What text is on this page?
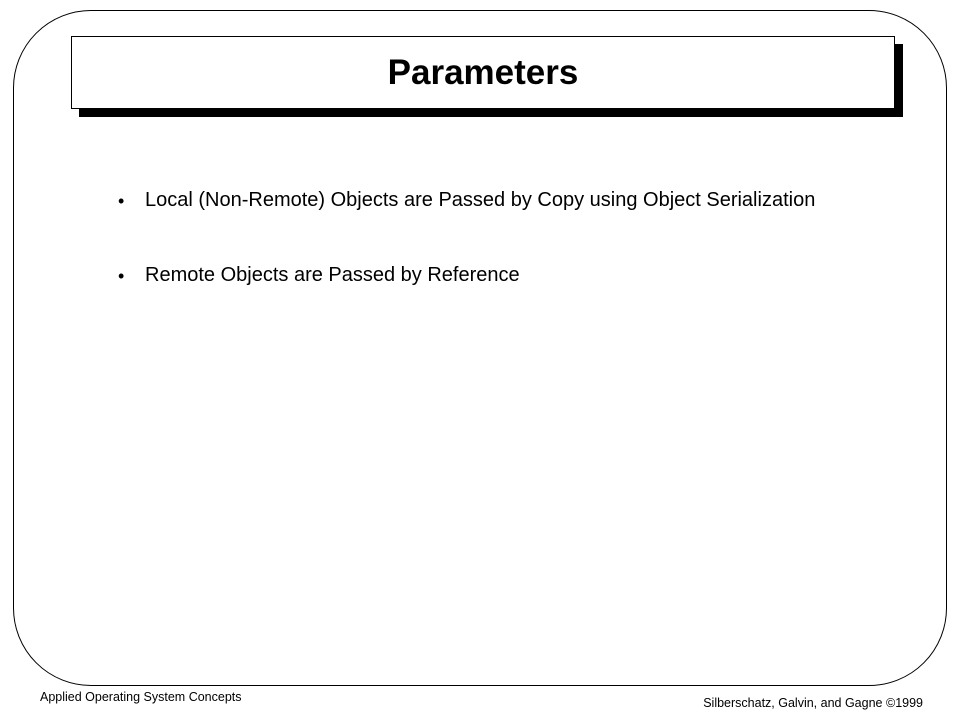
Parameters
• Local (Non-Remote) Objects are Passed by Copy using Object Serialization
• Remote Objects are Passed by Reference
Applied Operating System Concepts	Silberschatz, Galvin, and Gagne ©1999
